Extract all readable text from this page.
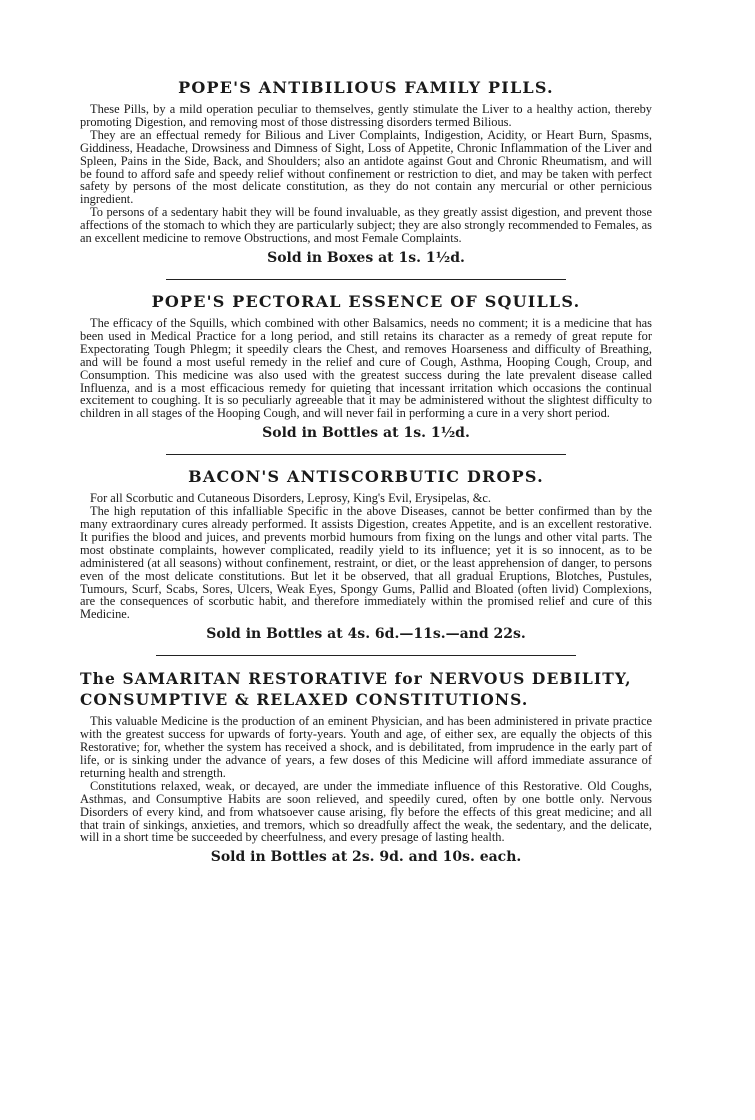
POPE'S ANTIBILIOUS FAMILY PILLS.

These Pills, by a mild operation peculiar to themselves, gently stimulate the Liver to a healthy action, thereby promoting Digestion, and removing most of those distressing disorders termed Bilious.

They are an effectual remedy for Bilious and Liver Complaints, Indigestion, Acidity, or Heart Burn, Spasms, Giddiness, Headache, Drowsiness and Dimness of Sight, Loss of Appetite, Chronic Inflammation of the Liver and Spleen, Pains in the Side, Back, and Shoulders; also an antidote against Gout and Chronic Rheumatism, and will be found to afford safe and speedy relief without confinement or restriction to diet, and may be taken with perfect safety by persons of the most delicate constitution, as they do not contain any mercurial or other pernicious ingredient.

To persons of a sedentary habit they will be found invaluable, as they greatly assist digestion, and prevent those affections of the stomach to which they are particularly subject; they are also strongly recommended to Females, as an excellent medicine to remove Obstructions, and most Female Complaints.

Sold in Boxes at 1s. 1½d.
POPE'S PECTORAL ESSENCE OF SQUILLS.

The efficacy of the Squills, which combined with other Balsamics, needs no comment; it is a medicine that has been used in Medical Practice for a long period, and still retains its character as a remedy of great repute for Expectorating Tough Phlegm; it speedily clears the Chest, and removes Hoarseness and difficulty of Breathing, and will be found a most useful remedy in the relief and cure of Cough, Asthma, Hooping Cough, Croup, and Consumption. This medicine was also used with the greatest success during the late prevalent disease called Influenza, and is a most efficacious remedy for quieting that incessant irritation which occasions the continual excitement to coughing. It is so peculiarly agreeable that it may be administered without the slightest difficulty to children in all stages of the Hooping Cough, and will never fail in performing a cure in a very short period.

Sold in Bottles at 1s. 1½d.
BACON'S ANTISCORBUTIC DROPS.

For all Scorbutic and Cutaneous Disorders, Leprosy, King's Evil, Erysipelas, &c.

The high reputation of this infalliable Specific in the above Diseases, cannot be better confirmed than by the many extraordinary cures already performed. It assists Digestion, creates Appetite, and is an excellent restorative. It purifies the blood and juices, and prevents morbid humours from fixing on the lungs and other vital parts. The most obstinate complaints, however complicated, readily yield to its influence; yet it is so innocent, as to be administered (at all seasons) without confinement, restraint, or diet, or the least apprehension of danger, to persons even of the most delicate constitutions. But let it be observed, that all gradual Eruptions, Blotches, Pustules, Tumours, Scurf, Scabs, Sores, Ulcers, Weak Eyes, Spongy Gums, Pallid and Bloated (often livid) Complexions, are the consequences of scorbutic habit, and therefore immediately within the promised relief and cure of this Medicine.

Sold in Bottles at 4s. 6d.—11s.—and 22s.
The SAMARITAN RESTORATIVE for NERVOUS DEBILITY, CONSUMPTIVE & RELAXED CONSTITUTIONS.

This valuable Medicine is the production of an eminent Physician, and has been administered in private practice with the greatest success for upwards of forty-years. Youth and age, of either sex, are equally the objects of this Restorative; for, whether the system has received a shock, and is debilitated, from imprudence in the early part of life, or is sinking under the advance of years, a few doses of this Medicine will afford immediate assurance of returning health and strength.

Constitutions relaxed, weak, or decayed, are under the immediate influence of this Restorative. Old Coughs, Asthmas, and Consumptive Habits are soon relieved, and speedily cured, often by one bottle only. Nervous Disorders of every kind, and from whatsoever cause arising, fly before the effects of this great medicine; and all that train of sinkings, anxieties, and tremors, which so dreadfully affect the weak, the sedentary, and the delicate, will in a short time be succeeded by cheerfulness, and every presage of lasting health.

Sold in Bottles at 2s. 9d. and 10s. each.
